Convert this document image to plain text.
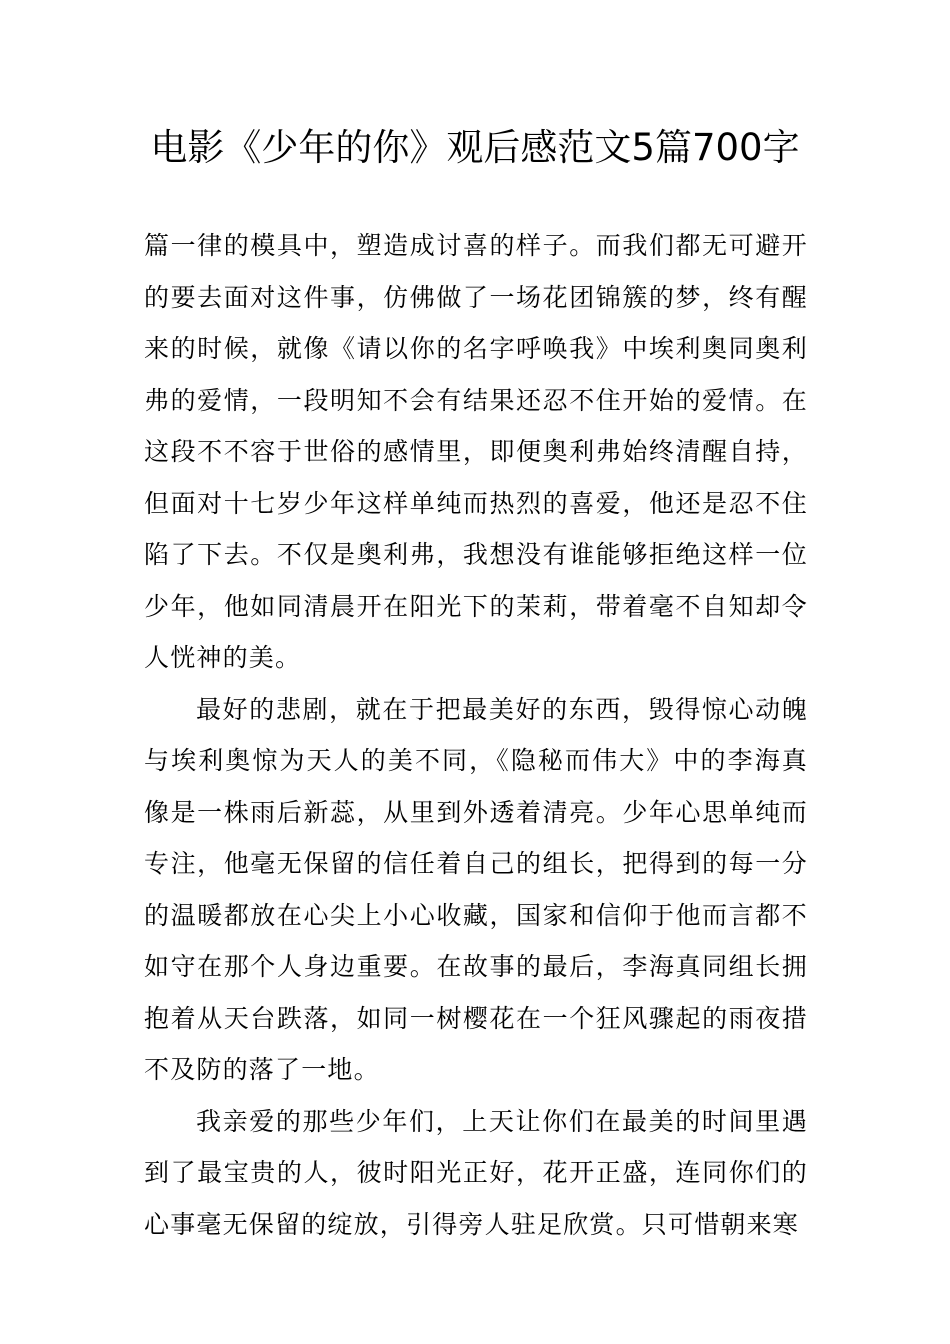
电影《少年的你》观后感范文5篇700字

篇一律的模具中，塑造成讨喜的样子。而我们都无可避开的要去面对这件事，仿佛做了一场花团锦簇的梦，终有醒来的时候，就像《请以你的名字呼唤我》中埃利奥同奥利弗的爱情，一段明知不会有结果还忍不住开始的爱情。在这段不不容于世俗的感情里，即便奥利弗始终清醒自持，但面对十七岁少年这样单纯而热烈的喜爱，他还是忍不住陷了下去。不仅是奥利弗，我想没有谁能够拒绝这样一位少年，他如同清晨开在阳光下的茉莉，带着毫不自知却令人恍神的美。

最好的悲剧，就在于把最美好的东西，毁得惊心动魄与埃利奥惊为天人的美不同，《隐秘而伟大》中的李海真像是一株雨后新蕊，从里到外透着清亮。少年心思单纯而专注，他毫无保留的信任着自己的组长，把得到的每一分的温暖都放在心尖上小心收藏，国家和信仰于他而言都不如守在那个人身边重要。在故事的最后，李海真同组长拥抱着从天台跌落，如同一树樱花在一个狂风骤起的雨夜措不及防的落了一地。

我亲爱的那些少年们，上天让你们在最美的时间里遇到了最宝贵的人，彼时阳光正好，花开正盛，连同你们的心事毫无保留的绽放，引得旁人驻足欣赏。只可惜朝来寒
